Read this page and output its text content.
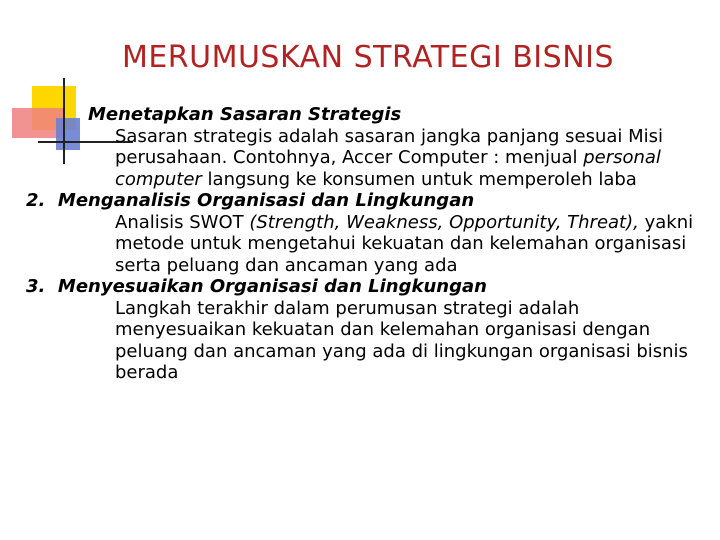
MERUMUSKAN STRATEGI BISNIS
Menetapkan Sasaran Strategis
Sasaran strategis adalah sasaran jangka panjang sesuai Misi perusahaan. Contohnya, Accer Computer : menjual personal computer langsung ke konsumen untuk memperoleh laba
2. Menganalisis Organisasi dan Lingkungan
Analisis SWOT (Strength, Weakness, Opportunity, Threat), yakni metode untuk mengetahui kekuatan dan kelemahan organisasi serta peluang dan ancaman yang ada
3. Menyesuaikan Organisasi dan Lingkungan
Langkah terakhir dalam perumusan strategi adalah menyesuaikan kekuatan dan kelemahan organisasi dengan peluang dan ancaman yang ada di lingkungan organisasi bisnis berada
